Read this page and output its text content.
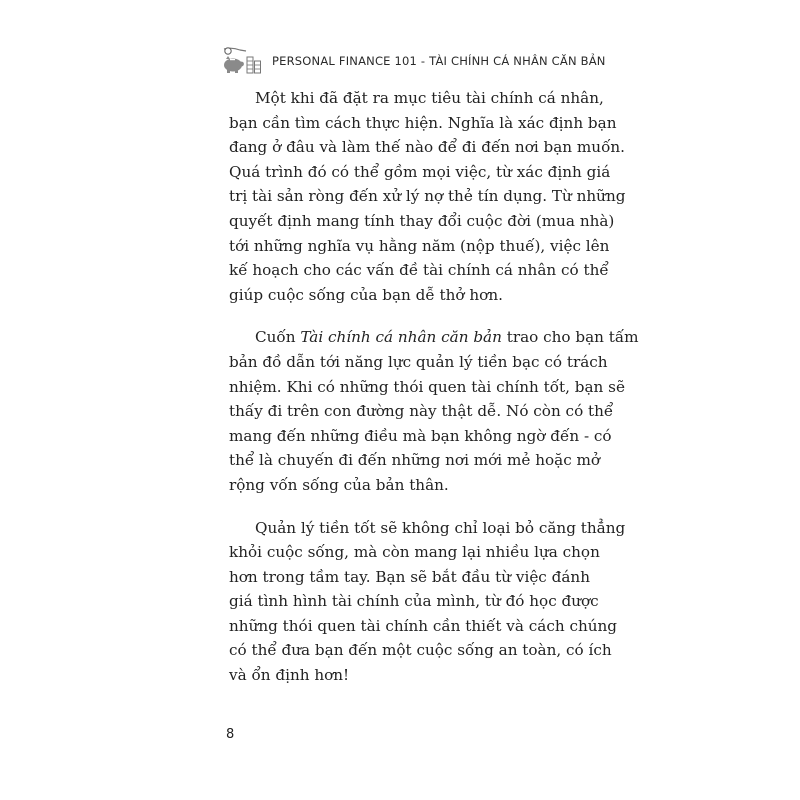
PERSONAL FINANCE 101 - TÀI CHÍNH CÁ NHÂN CĂN BẢN

Một khi đã đặt ra mục tiêu tài chính cá nhân,
bạn cần tìm cách thực hiện. Nghĩa là xác định bạn
đang ở đâu và làm thế nào để đi đến nơi bạn muốn.
Quá trình đó có thể gồm mọi việc, từ xác định giá
trị tài sản ròng đến xử lý nợ thẻ tín dụng. Từ những
quyết định mang tính thay đổi cuộc đời (mua nhà)
tới những nghĩa vụ hằng năm (nộp thuế), việc lên
kế hoạch cho các vấn đề tài chính cá nhân có thể
giúp cuộc sống của bạn dễ thở hơn.

Cuốn Tài chính cá nhân căn bản trao cho bạn tấm
bản đồ dẫn tới năng lực quản lý tiền bạc có trách
nhiệm. Khi có những thói quen tài chính tốt, bạn sẽ
thấy đi trên con đường này thật dễ. Nó còn có thể
mang đến những điều mà bạn không ngờ đến - có
thể là chuyến đi đến những nơi mới mẻ hoặc mở
rộng vốn sống của bản thân.

Quản lý tiền tốt sẽ không chỉ loại bỏ căng thẳng
khỏi cuộc sống, mà còn mang lại nhiều lựa chọn
hơn trong tầm tay. Bạn sẽ bắt đầu từ việc đánh
giá tình hình tài chính của mình, từ đó học được
những thói quen tài chính cần thiết và cách chúng
có thể đưa bạn đến một cuộc sống an toàn, có ích
và ổn định hơn!

8
